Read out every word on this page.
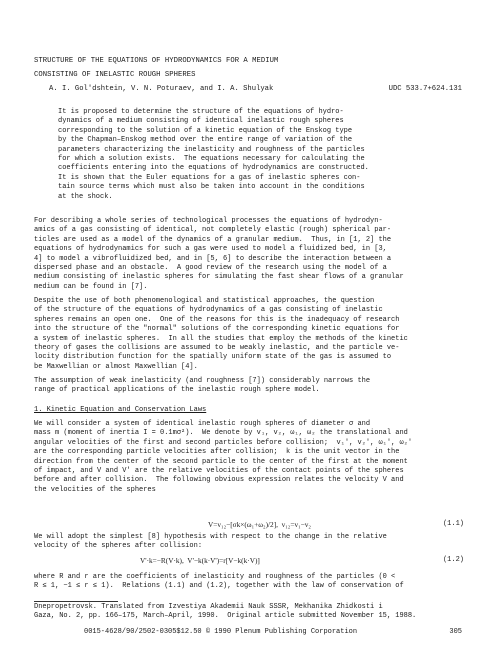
STRUCTURE OF THE EQUATIONS OF HYDRODYNAMICS FOR A MEDIUM
CONSISTING OF INELASTIC ROUGH SPHERES
A. I. Gol'dshtein, V. N. Poturaev, and I. A. Shulyak	UDC 533.7+624.131
It is proposed to determine the structure of the equations of hydro-
dynamics of a medium consisting of identical inelastic rough spheres
corresponding to the solution of a kinetic equation of the Enskog type
by the Chapman–Enskog method over the entire range of variation of the
parameters characterizing the inelasticity and roughness of the particles
for which a solution exists.  The equations necessary for calculating the
coefficients entering into the equations of hydrodynamics are constructed.
It is shown that the Euler equations for a gas of inelastic spheres con-
tain source terms which must also be taken into account in the conditions
at the shock.
For describing a whole series of technological processes the equations of hydrodyn-
amics of a gas consisting of identical, not completely elastic (rough) spherical par-
ticles are used as a model of the dynamics of a granular medium.  Thus, in [1, 2] the
equations of hydrodynamics for such a gas were used to model a fluidized bed, in [3,
4] to model a vibrofluidized bed, and in [5, 6] to describe the interaction between a
dispersed phase and an obstacle.  A good review of the research using the model of a
medium consisting of inelastic spheres for simulating the fast shear flows of a granular
medium can be found in [7].
Despite the use of both phenomenological and statistical approaches, the question
of the structure of the equations of hydrodynamics of a gas consisting of inelastic
spheres remains an open one.  One of the reasons for this is the inadequacy of research
into the structure of the "normal" solutions of the corresponding kinetic equations for
a system of inelastic spheres.  In all the studies that employ the methods of the kinetic
theory of gases the collisions are assumed to be weakly inelastic, and the particle ve-
locity distribution function for the spatially uniform state of the gas is assumed to
be Maxwellian or almost Maxwellian [4].
The assumption of weak inelasticity (and roughness [7]) considerably narrows the
range of practical applications of the inelastic rough sphere model.
1. Kinetic Equation and Conservation Laws
We will consider a system of identical inelastic rough spheres of diameter σ and
mass m (moment of inertia I = 0.1mσ²).  We denote by v₁, v₂, ω₁, ω₂ the translational and
angular velocities of the first and second particles before collision;  v₁', v₂', ω₁', ω₂'
are the corresponding particle velocities after collision;  k is the unit vector in the
direction from the center of the second particle to the center of the first at the moment
of impact, and V and V' are the relative velocities of the contact points of the spheres
before and after collision.  The following obvious expression relates the velocity V and
the velocities of the spheres
V=v₁₂−[σk×(ω₁+ω₂)/2],  v₁₂=v₁−v₂	(1.1)
We will adopt the simplest [8] hypothesis with respect to the change in the relative
velocity of the spheres after collision:
V'·k=−R(V·k),  V'−k(k·V')=r[V−k(k·V)]	(1.2)
where R and r are the coefficients of inelasticity and roughness of the particles (0 <
R ≤ 1, −1 ≤ r ≤ 1).  Relations (1.1) and (1.2), together with the law of conservation of
Dnepropetrovsk. Translated from Izvestiya Akademii Nauk SSSR, Mekhanika Zhidkosti i
Gaza, No. 2, pp. 166–175, March–April, 1990.  Original article submitted November 15, 1988.
0015-4628/90/2502-0305$12.50 © 1990 Plenum Publishing Corporation	305
